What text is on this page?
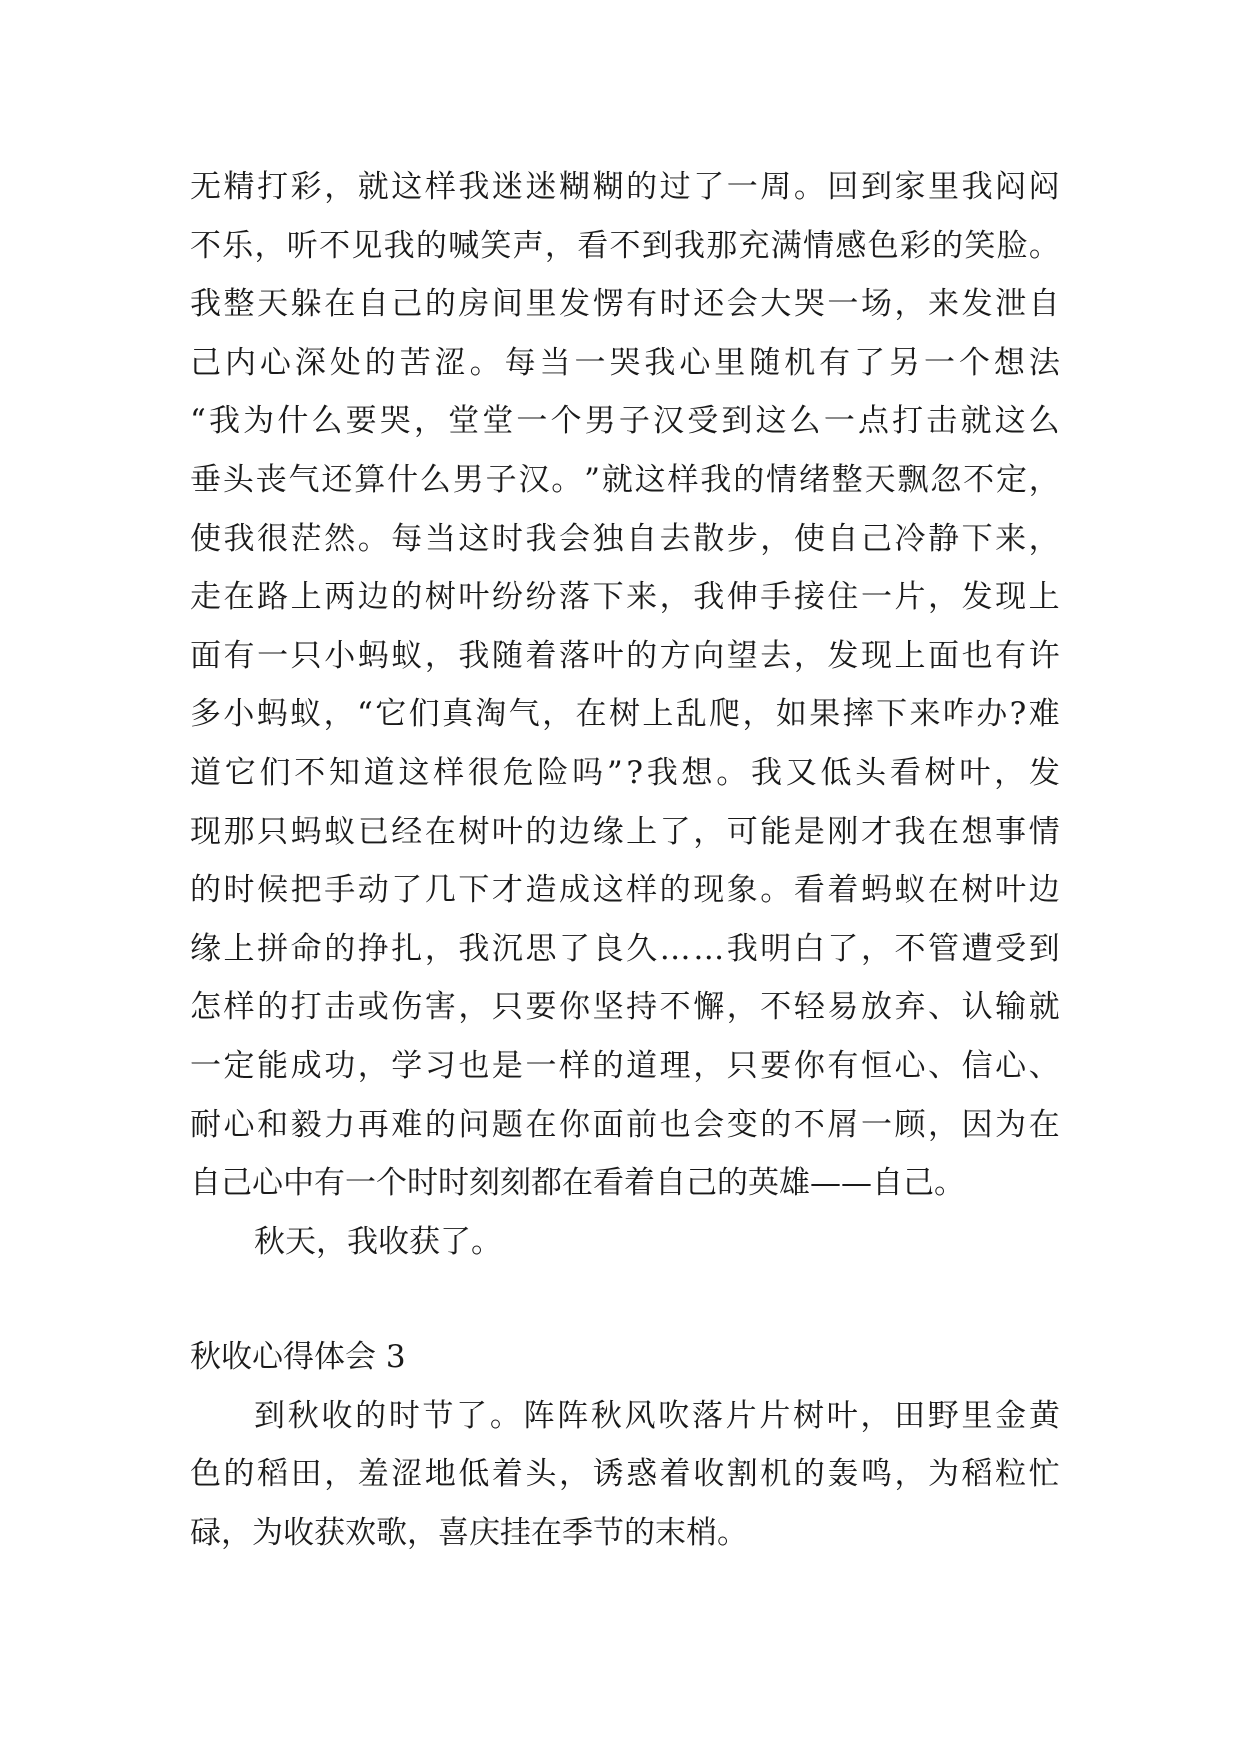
无 精 打 彩 ， 就 这 样 我 迷 迷 糊 糊 的 过 了 一 周 。 回 到 家 里 我 闷 闷
不 乐 ， 听 不 见 我 的 喊 笑 声 ， 看 不 到 我 那 充 满 情 感 色 彩 的 笑 脸 。
我 整 天 躲 在 自 己 的 房 间 里 发 愣 有 时 还 会 大 哭 一 场 ， 来 发 泄 自
己 内 心 深 处 的 苦 涩 。 每 当 一 哭 我 心 里 随 机 有 了 另 一 个 想 法
“ 我 为 什 么 要 哭 ， 堂 堂 一 个 男 子 汉 受 到 这 么 一 点 打 击 就 这 么
垂 头 丧 气 还 算 什 么 男 子 汉 。 ” 就 这 样 我 的 情 绪 整 天 飘 忽 不 定 ，
使 我 很 茫 然 。 每 当 这 时 我 会 独 自 去 散 步 ， 使 自 己 冷 静 下 来 ，
走 在 路 上 两 边 的 树 叶 纷 纷 落 下 来 ， 我 伸 手 接 住 一 片 ， 发 现 上
面 有 一 只 小 蚂 蚁 ， 我 随 着 落 叶 的 方 向 望 去 ， 发 现 上 面 也 有 许
多 小 蚂 蚁 ， “ 它 们 真 淘 气 ， 在 树 上 乱 爬 ， 如 果 摔 下 来 咋 办 ? 难
道 它 们 不 知 道 这 样 很 危 险 吗 ” ? 我 想 。 我 又 低 头 看 树 叶 ， 发
现 那 只 蚂 蚁 已 经 在 树 叶 的 边 缘 上 了 ， 可 能 是 刚 才 我 在 想 事 情
的 时 候 把 手 动 了 几 下 才 造 成 这 样 的 现 象 。 看 着 蚂 蚁 在 树 叶 边
缘 上 拼 命 的 挣 扎 ， 我 沉 思 了 良 久 … … 我 明 白 了 ， 不 管 遭 受 到
怎 样 的 打 击 或 伤 害 ， 只 要 你 坚 持 不 懈 ， 不 轻 易 放 弃 、 认 输 就
一 定 能 成 功 ， 学 习 也 是 一 样 的 道 理 ， 只 要 你 有 恒 心 、 信 心 、
耐 心 和 毅 力 再 难 的 问 题 在 你 面 前 也 会 变 的 不 屑 一 顾 ， 因 为 在
自己心中有一个时时刻刻都在看着自己的英雄——自己。
秋天，我收获了。
秋收心得体会 3
到 秋 收 的 时 节 了 。 阵 阵 秋 风 吹 落 片 片 树 叶 ， 田 野 里 金 黄
色 的 稻 田 ， 羞 涩 地 低 着 头 ， 诱 惑 着 收 割 机 的 轰 鸣 ， 为 稻 粒 忙
碌，为收获欢歌，喜庆挂在季节的末梢。
